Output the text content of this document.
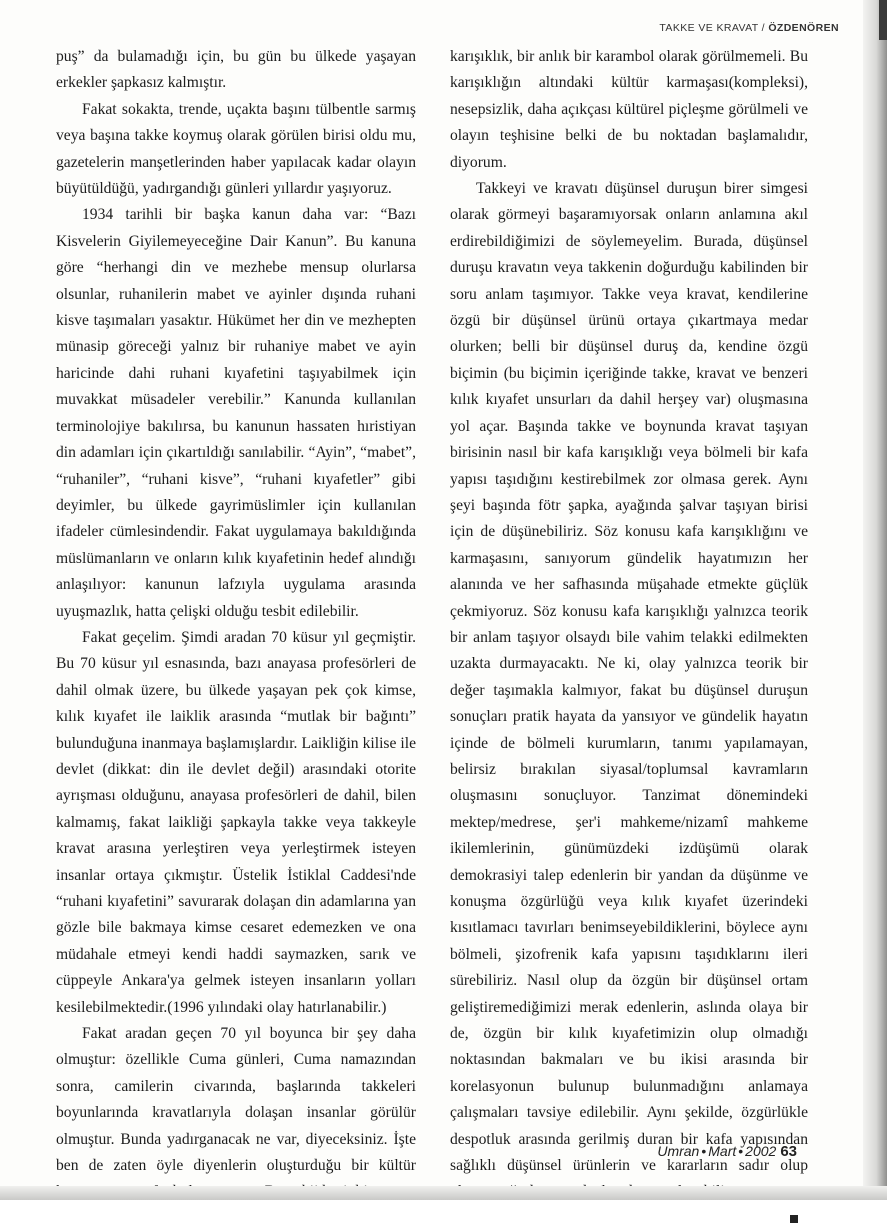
TAKKE VE KRAVAT / ÖZDENÖREN

puş” da bulamadığı için, bu gün bu ülkede yaşayan erkekler şapkasız kalmıştır.

Fakat sokakta, trende, uçakta başını tülbentle sarmış veya başına takke koymuş olarak görülen birisi oldu mu, gazetelerin manşetlerinden haber yapılacak kadar olayın büyütüldüğü, yadırgandığı günleri yıllardır yaşıyoruz.

1934 tarihli bir başka kanun daha var: “Bazı Kisvelerin Giyilemeyeceğine Dair Kanun”. Bu kanuna göre “herhangi din ve mezhebe mensup olurlarsa olsunlar, ruhanilerin mabet ve ayinler dışında ruhani kisve taşımaları yasaktır. Hükümet her din ve mezhepten münasip göreceği yalnız bir ruhaniye mabet ve ayin haricinde dahi ruhani kıyafetini taşıyabilmek için muvakkat müsadeler verebilir.” Kanunda kullanılan terminolojiye bakılırsa, bu kanunun hassaten hıristiyan din adamları için çıkartıldığı sanılabilir. “Ayin”, “mabet”, “ruhaniler”, “ruhani kisve”, “ruhani kıyafetler” gibi deyimler, bu ülkede gayrimüslimler için kullanılan ifadeler cümlesindendir. Fakat uygulamaya bakıldığında müslümanların ve onların kılık kıyafetinin hedef alındığı anlaşılıyor: kanunun lafzıyla uygulama arasında uyuşmazlık, hatta çelişki olduğu tesbit edilebilir.

Fakat geçelim. Şimdi aradan 70 küsur yıl geçmiştir. Bu 70 küsur yıl esnasında, bazı anayasa profesörleri de dahil olmak üzere, bu ülkede yaşayan pek çok kimse, kılık kıyafet ile laiklik arasında “mutlak bir bağıntı” bulunduğuna inanmaya başlamışlardır. Laikliğin kilise ile devlet (dikkat: din ile devlet değil) arasındaki otorite ayrışması olduğunu, anayasa profesörleri de dahil, bilen kalmamış, fakat laikliği şapkayla takke veya takkeyle kravat arasına yerleştiren veya yerleştirmek isteyen insanlar ortaya çıkmıştır. Üstelik İstiklal Caddesi'nde “ruhani kıyafetini” savurarak dolaşan din adamlarına yan gözle bile bakmaya kimse cesaret edemezken ve ona müdahale etmeyi kendi haddi saymazken, sarık ve cüppeyle Ankara'ya gelmek isteyen insanların yolları kesilebilmektedir.(1996 yılındaki olay hatırlanabilir.)

Fakat aradan geçen 70 yıl boyunca bir şey daha olmuştur: özellikle Cuma günleri, Cuma namazından sonra, camilerin civarında, başlarında takkeleri boyunlarında kravatlarıyla dolaşan insanlar görülür olmuştur. Bunda yadırganacak ne var, diyeceksiniz. İşte ben de zaten öyle diyenlerin oluşturduğu bir kültür

karışıklık, bir anlık bir karambol olarak görülmemeli. Bu karışıklığın altındaki kültür karmaşası(kompleksi), nesepsizlik, daha açıkçası kültürel piçleşme görülmeli ve olayın teşhisine belki de bu noktadan başlamalıdır, diyorum.

Takkeyi ve kravatı düşünsel duruşun birer simgesi olarak görmeyi başaramıyorsak onların anlamına akıl erdirebildiğimizi de söylemeyelim. Burada, düşünsel duruşu kravatın veya takkenin doğurduğu kabilinden bir soru anlam taşımıyor. Takke veya kravat, kendilerine özgü bir düşünsel ürünü ortaya çıkartmaya medar olurken; belli bir düşünsel duruş da, kendine özgü biçimin (bu biçimin içeriğinde takke, kravat ve benzeri kılık kıyafet unsurları da dahil herşey var) oluşmasına yol açar. Başında takke ve boynunda kravat taşıyan birisinin nasıl bir kafa karışıklığı veya bölmeli bir kafa yapısı taşıdığını kestirebilmek zor olmasa gerek. Aynı şeyi başında fötr şapka, ayağında şalvar taşıyan birisi için de düşünebiliriz. Söz konusu kafa karışıklığını ve karmaşasını, sanıyorum gündelik hayatımızın her alanında ve her safhasında müşahade etmekte güçlük çekmiyoruz. Söz konusu kafa karışıklığı yalnızca teorik bir anlam taşıyor olsaydı bile vahim telakki edilmekten uzakta durmayacaktı. Ne ki, olay yalnızca teorik bir değer taşımakla kalmıyor, fakat bu düşünsel duruşun sonuçları pratik hayata da yansıyor ve gündelik hayatın içinde de bölmeli kurumların, tanımı yapılamayan, belirsiz bırakılan siyasal/toplumsal kavramların oluşmasını sonuçluyor. Tanzimat dönemindeki mektep/medrese, şer'i mahkeme/nizamî mahkeme ikilemlerinin, günümüzdeki izdüşümü olarak demokrasiyi talep edenlerin bir yandan da düşünme ve konuşma özgürlüğü veya kılık kıyafet üzerindeki kısıtlamacı tavırları benimseyebildiklerini, böylece aynı bölmeli, şizofrenik kafa yapısını taşıdıklarını ileri sürebiliriz. Nasıl olup da özgün bir düşünsel ortam geliştiremediğimizi merak edenlerin, aslında olaya bir de, özgün bir kılık kıyafetimizin olup olmadığı noktasından bakmaları ve bu ikisi arasında bir korelasyonun bulunup bulunmadığını anlamaya çalışmaları tavsiye edilebilir. Aynı şekilde, özgürlükle despotluk arasında gerilmiş duran bir kafa yapısından sağlıklı düşünsel ürünlerin ve kararların sadır olup

Umran • Mart • 2002 63
